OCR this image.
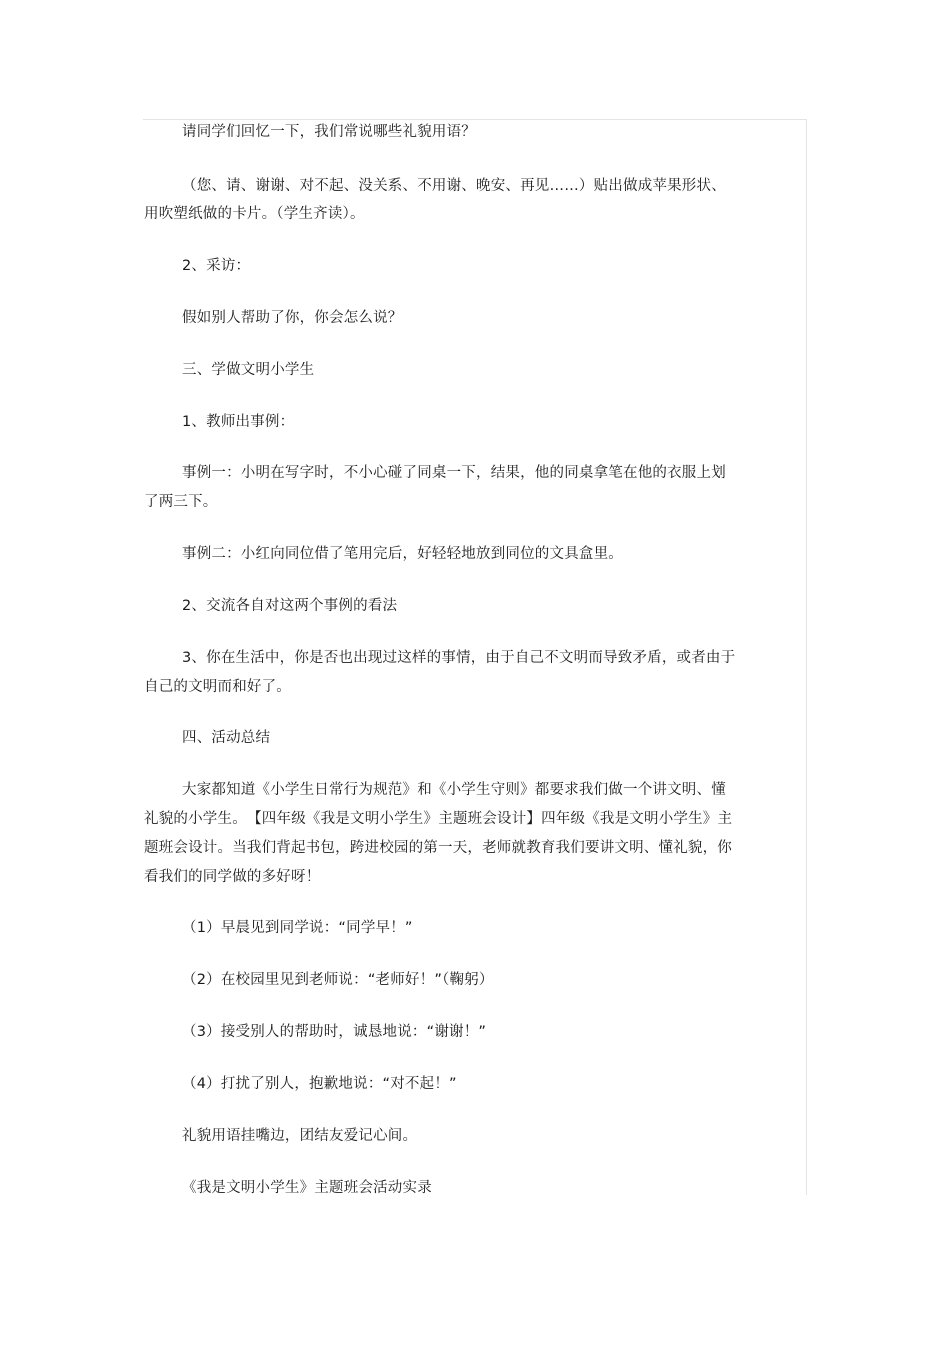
请同学们回忆一下，我们常说哪些礼貌用语？
（您、请、谢谢、对不起、没关系、不用谢、晚安、再见……）贴出做成苹果形状、
用吹塑纸做的卡片。（学生齐读）。
2、采访：
假如别人帮助了你，你会怎么说？
三、学做文明小学生
1、教师出事例：
事例一：小明在写字时，不小心碰了同桌一下，结果，他的同桌拿笔在他的衣服上划
了两三下。
事例二：小红向同位借了笔用完后，好轻轻地放到同位的文具盒里。
2、交流各自对这两个事例的看法
3、你在生活中，你是否也出现过这样的事情，由于自己不文明而导致矛盾，或者由于
自己的文明而和好了。
四、活动总结
大家都知道《小学生日常行为规范》和《小学生守则》都要求我们做一个讲文明、懂
礼貌的小学生。　【四年级《我是文明小学生》主题班会设计】四年级《我是文明小学生》主
题班会设计。当我们背起书包，跨进校园的第一天，老师就教育我们要讲文明、懂礼貌，你
看我们的同学做的多好呀！
（1）早晨见到同学说：“同学早！”
（2）在校园里见到老师说：“老师好！”（鞠躬）
（3）接受别人的帮助时，诚恳地说：“谢谢！”
（4）打扰了别人，抱歉地说：“对不起！”
礼貌用语挂嘴边，团结友爱记心间。
《我是文明小学生》主题班会活动实录
